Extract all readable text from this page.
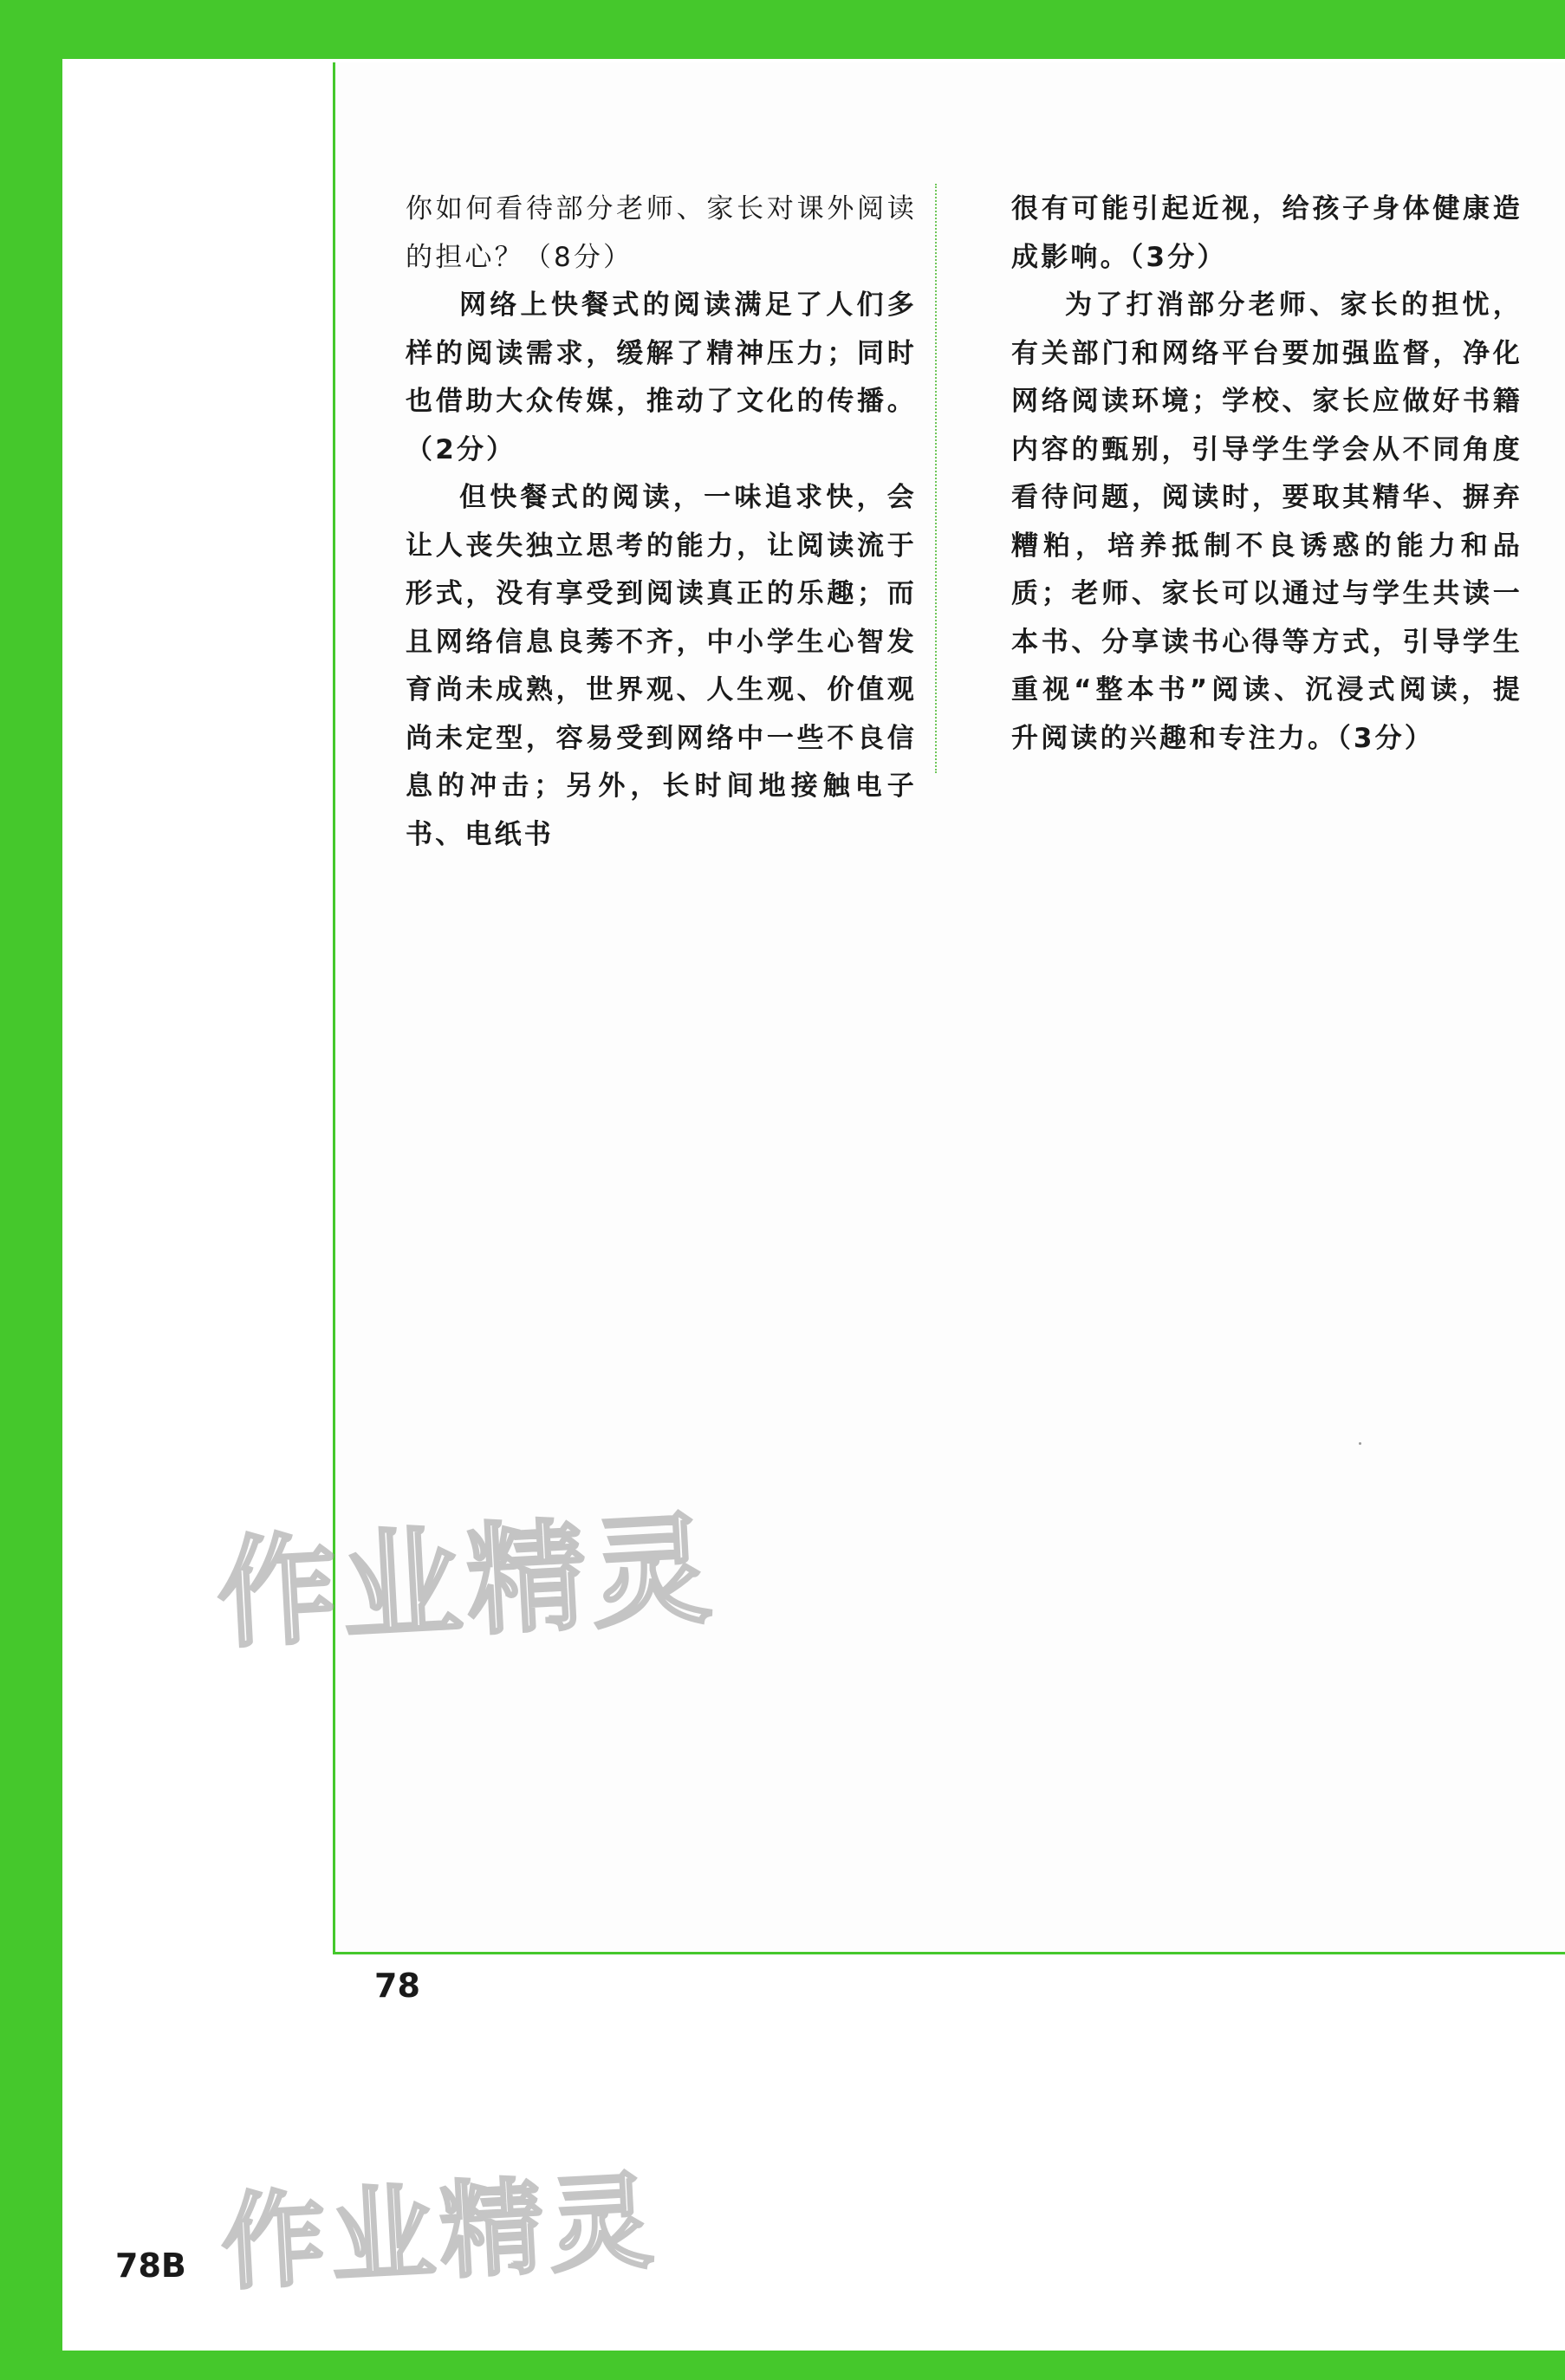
你如何看待部分老师、家长对课外阅读的担心？（8分）

网络上快餐式的阅读满足了人们多样的阅读需求，缓解了精神压力；同时也借助大众传媒，推动了文化的传播。（2分）

但快餐式的阅读，一味追求快，会让人丧失独立思考的能力，让阅读流于形式，没有享受到阅读真正的乐趣；而且网络信息良莠不齐，中小学生心智发育尚未成熟，世界观、人生观、价值观尚未定型，容易受到网络中一些不良信息的冲击；另外，长时间地接触电子书、电纸书

很有可能引起近视，给孩子身体健康造成影响。（3分）

为了打消部分老师、家长的担忧，有关部门和网络平台要加强监督，净化网络阅读环境；学校、家长应做好书籍内容的甄别，引导学生学会从不同角度看待问题，阅读时，要取其精华、摒弃糟粕，培养抵制不良诱惑的能力和品质；老师、家长可以通过与学生共读一本书、分享读书心得等方式，引导学生重视“整本书”阅读、沉浸式阅读，提升阅读的兴趣和专注力。（3分）

作业精灵
78
作业精灵
78B
